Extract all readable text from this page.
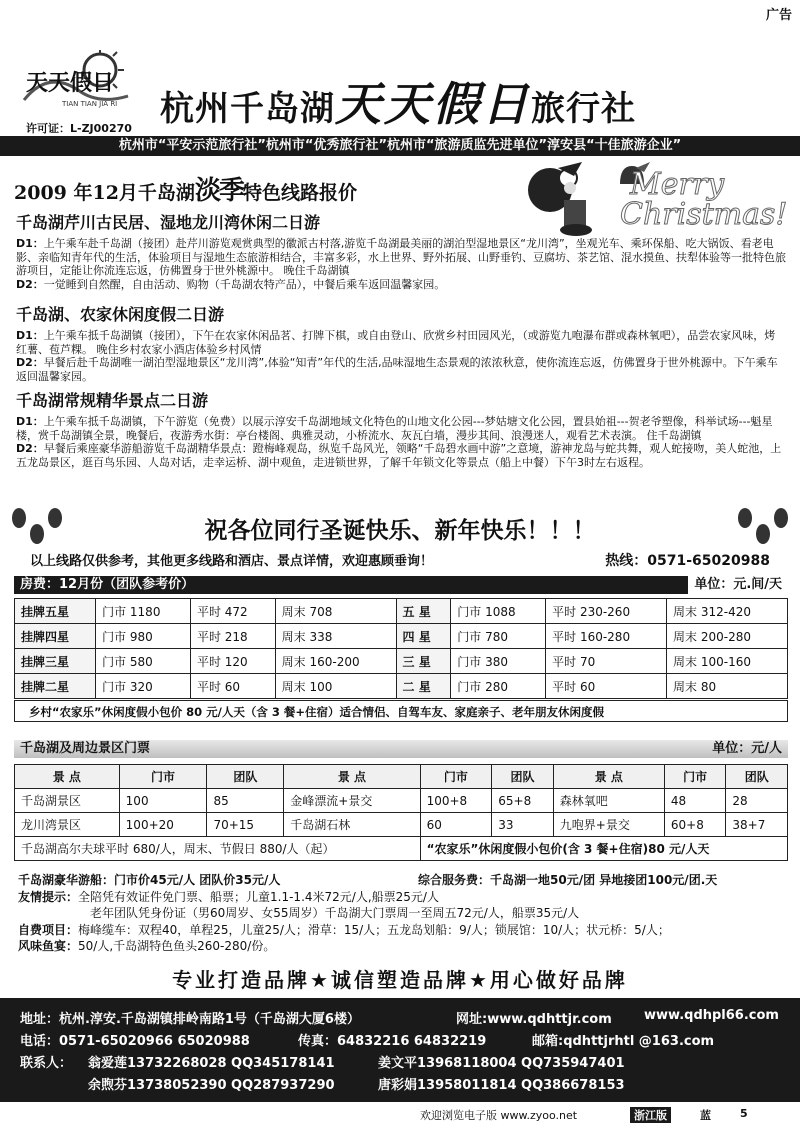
广告
天天假日
TIAN TIAN JIA RI
许可证：L-ZJ00270 杭州千岛湖天天假日旅行社
杭州市“平安示范旅行社”杭州市“优秀旅行社”杭州市“旅游质监先进单位”淳安县“十佳旅游企业”
2009 年12月千岛湖淡季特色线路报价	Merry
Christmas!
千岛湖芹川古民居、湿地龙川湾休闲二日游

D1：上午乘车赴千岛湖（接团）赴芹川游览观赏典型的徽派古村落,游览千岛湖最美丽的湖泊型湿地景区“龙川湾”，坐观光车、乘环保船、吃大锅饭、看老电影、亲临知青年代的生活，体验项目与湿地生态旅游相结合，丰富多彩，水上世界、野外拓展、山野垂钓、豆腐坊、茶艺馆、混水摸鱼、扶犁体验等一批特色旅游项目，定能让你流连忘返，仿佛置身于世外桃源中。 晚住千岛湖镇

D2：一觉睡到自然醒，自由活动、购物（千岛湖农特产品），中餐后乘车返回温馨家园。

千岛湖、农家休闲度假二日游

D1：上午乘车抵千岛湖镇（接团），下午在农家休闲品茗、打牌下棋，或自由登山、欣赏乡村田园风光，（或游览九咆瀑布群或森林氧吧），品尝农家风味，烤红薯、苞芦粿。 晚住乡村农家小酒店体验乡村风情

D2：早餐后赴千岛湖唯一湖泊型湿地景区“龙川湾”,体验“知青”年代的生活,品味湿地生态景观的浓浓秋意，使你流连忘返，仿佛置身于世外桃源中。下午乘车返回温馨家园。

千岛湖常规精华景点二日游

D1：上午乘车抵千岛湖镇，下午游览（免费）以展示淳安千岛湖地域文化特色的山地文化公园---梦姑塘文化公园，置县始祖---贺老爷塑像，科举试场---魁星楼，赏千岛湖镇全景，晚餐后，夜游秀水街：亭台楼阁、典雅灵动，小桥流水、灰瓦白墙，漫步其间、浪漫迷人，观看艺术表演。 住千岛湖镇

D2：早餐后乘座豪华游船游览千岛湖精华景点：蹬梅峰观岛，纵览千岛风光，领略“千岛碧水画中游”之意境，游神龙岛与蛇共舞，观人蛇接吻，美人蛇池，上五龙岛景区，逛百鸟乐园、人岛对话，走幸运桥、湖中观鱼，走进锁世界，了解千年锁文化等景点（船上中餐）下午3时左右返程。

祝各位同行圣诞快乐、新年快乐！！！
以上线路仅供参考，其他更多线路和酒店、景点详情，欢迎惠顾垂询！	热线：0571-65020988
房费：12月份（团队参考价）	单位：元.间/天
挂牌五星	门市 1180	平时 472	周末 708	五 星	门市 1088	平时 230-260	周末 312-420
挂牌四星	门市 980	平时 218	周末 338	四 星	门市 780	平时 160-280	周末 200-280
挂牌三星	门市 580	平时 120	周末 160-200	三 星	门市 380	平时 70	周末 100-160
挂牌二星	门市 320	平时 60	周末 100	二 星	门市 280	平时 60	周末 80
乡村“农家乐”休闲度假小包价 80 元/人天（含 3 餐+住宿）适合情侣、自驾车友、家庭亲子、老年朋友休闲度假
千岛湖及周边景区门票	单位：元/人
景 点	门市	团队	景 点	门市	团队	景 点	门市	团队
千岛湖景区	100	85	金峰漂流+景交	100+8	65+8	森林氧吧	48	28
龙川湾景区	100+20	70+15	千岛湖石林	60	33	九咆界+景交	60+8	38+7
千岛湖高尔夫球平时 680/人，周末、节假日 880/人（起）				“农家乐”休闲度假小包价(含 3 餐+住宿)80 元/人天				
千岛湖豪华游船：门市价45元/人 团队价35元/人	综合服务费：千岛湖一地50元/团 异地接团100元/团.天
友情提示：全陪凭有效证件免门票、船票；儿童1.1-1.4米72元/人,船票25元/人
老年团队凭身份证（男60周岁、女55周岁）千岛湖大门票周一至周五72元/人，船票35元/人
自费项目：梅峰缆车：双程40，单程25，儿童25/人；滑草：15/人；五龙岛划船：9/人；锁展馆：10/人；状元桥：5/人；
风味鱼宴：50/人,千岛湖特色鱼头260-280/份。
专业打造品牌★诚信塑造品牌★用心做好品牌
地址：杭州.淳安.千岛湖镇排岭南路1号（千岛湖大厦6楼）	网址:www.qdhttjr.com www.qdhpl66.com
电话：0571-65020966 65020988	传真：64832216 64832219	邮箱:qdhttjrhtl @163.com
联系人： 翁爱莲13732268028 QQ345178141	姜文平13968118004 QQ735947401
余煦芬13738052390 QQ287937290	唐彩娟13958011814 QQ386678153
欢迎浏览电子版 www.zyoo.net	浙江版	蓝	5
